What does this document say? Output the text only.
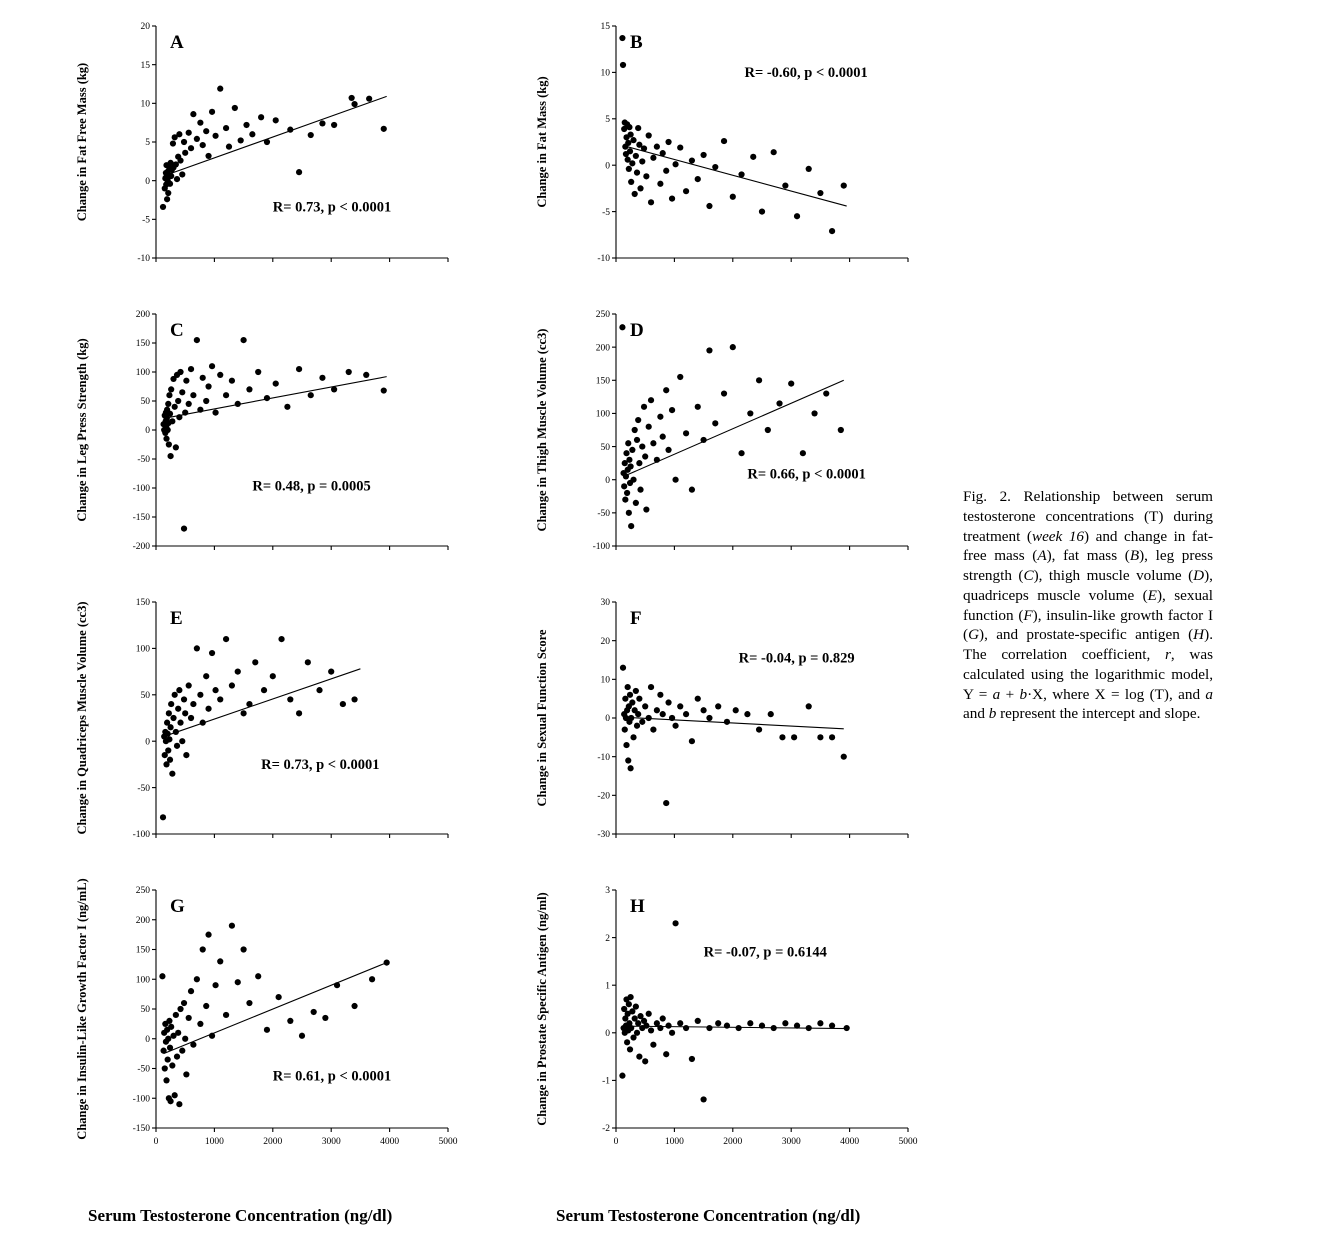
-10
-5
0
5
10
15
20
A
R= 0.73, p < 0.0001
Change in Fat Free Mass (kg)
-10
-5
0
5
10
15
B
R= -0.60, p < 0.0001
Change in Fat Mass (kg)
-200
-150
-100
-50
0
50
100
150
200
C
R= 0.48, p = 0.0005
Change in Leg Press Strength (kg)
-100
-50
0
50
100
150
200
250
D
R= 0.66, p < 0.0001
Change in Thigh Muscle Volume (cc3)
-100
-50
0
50
100
150
E
R= 0.73, p < 0.0001
Change in Quadriceps Muscle Volume (cc3)
-30
-20
-10
0
10
20
30
F
R= -0.04, p = 0.829
Change in Sexual Function Score
-150
-100
-50
0
50
100
150
200
250
0	1000	2000	3000	4000	5000
G
R= 0.61, p < 0.0001
Change in Insulin-Like Growth Factor I (ng/mL)	-2
-1
0
1
2
3
0	1000	2000	3000	4000	5000
H
R= -0.07, p = 0.6144
Change in Prostate Specific Antigen (ng/ml)
Serum Testosterone Concentration (ng/dl)	Serum Testosterone Concentration (ng/dl)
Fig. 2. Relationship between serum testosterone concentrations (T) during treatment (week 16) and change in fat-free mass (A), fat mass (B), leg press strength (C), thigh muscle volume (D), quadriceps muscle volume (E), sexual function (F), insulin-like growth factor I (G), and prostate-specific antigen (H). The correlation coefficient, r, was calculated using the logarithmic model, Y = a + b·X, where X = log (T), and a and b represent the intercept and slope.
